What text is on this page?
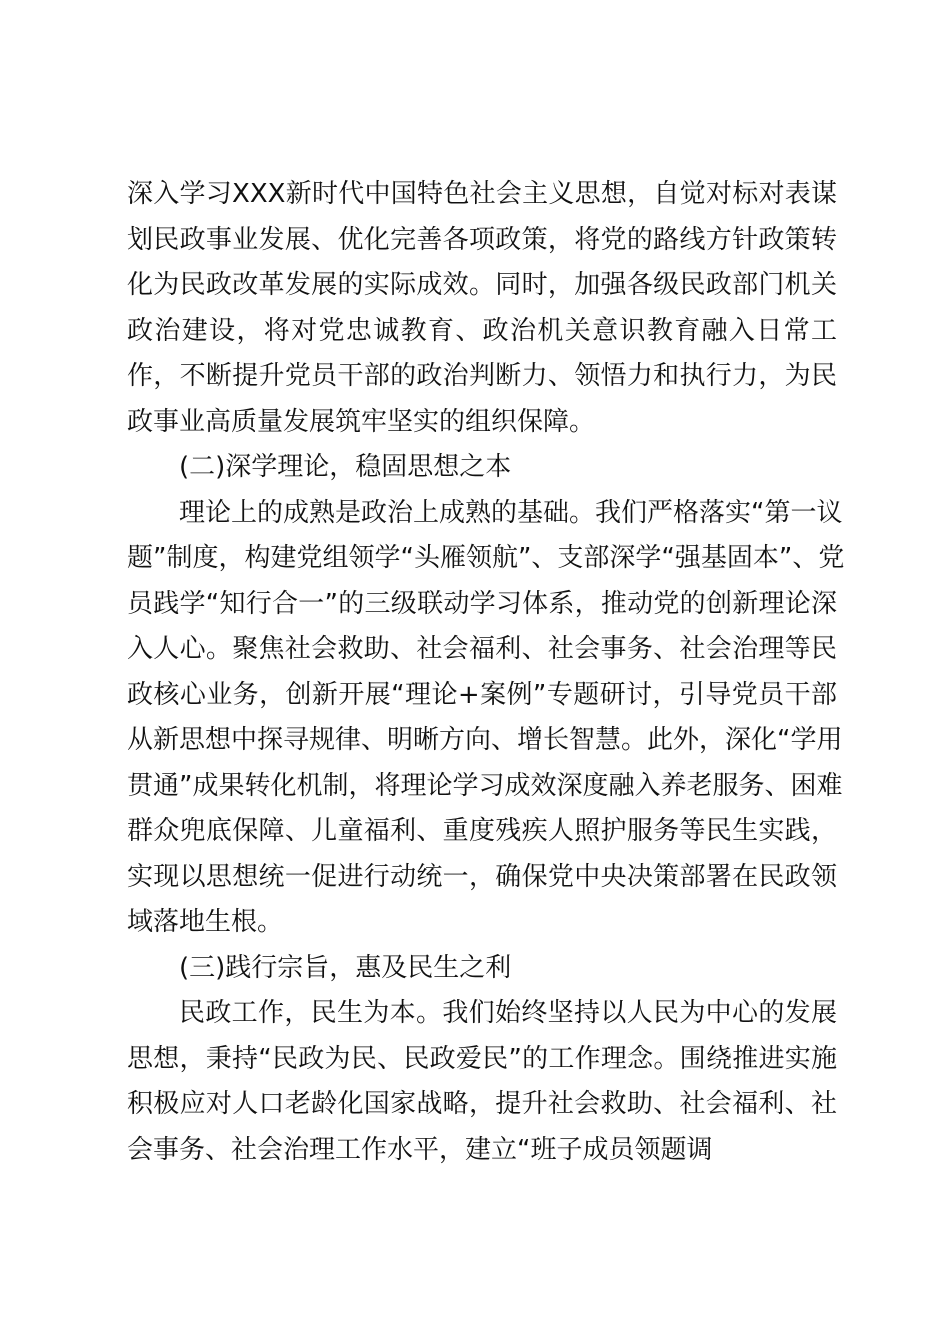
深入学习XXX新时代中国特色社会主义思想，自觉对标对表谋
划民政事业发展、优化完善各项政策，将党的路线方针政策转
化为民政改革发展的实际成效。同时，加强各级民政部门机关
政治建设，将对党忠诚教育、政治机关意识教育融入日常工
作，不断提升党员干部的政治判断力、领悟力和执行力，为民
政事业高质量发展筑牢坚实的组织保障。
(二)深学理论，稳固思想之本
理论上的成熟是政治上成熟的基础。我们严格落实“第一议
题”制度，构建党组领学“头雁领航”、支部深学“强基固本”、党
员践学“知行合一”的三级联动学习体系，推动党的创新理论深
入人心。聚焦社会救助、社会福利、社会事务、社会治理等民
政核心业务，创新开展“理论+案例”专题研讨，引导党员干部
从新思想中探寻规律、明晰方向、增长智慧。此外，深化“学用
贯通”成果转化机制，将理论学习成效深度融入养老服务、困难
群众兜底保障、儿童福利、重度残疾人照护服务等民生实践，
实现以思想统一促进行动统一，确保党中央决策部署在民政领
域落地生根。
(三)践行宗旨，惠及民生之利
民政工作，民生为本。我们始终坚持以人民为中心的发展
思想，秉持“民政为民、民政爱民”的工作理念。围绕推进实施
积极应对人口老龄化国家战略，提升社会救助、社会福利、社
会事务、社会治理工作水平，建立“班子成员领题调
